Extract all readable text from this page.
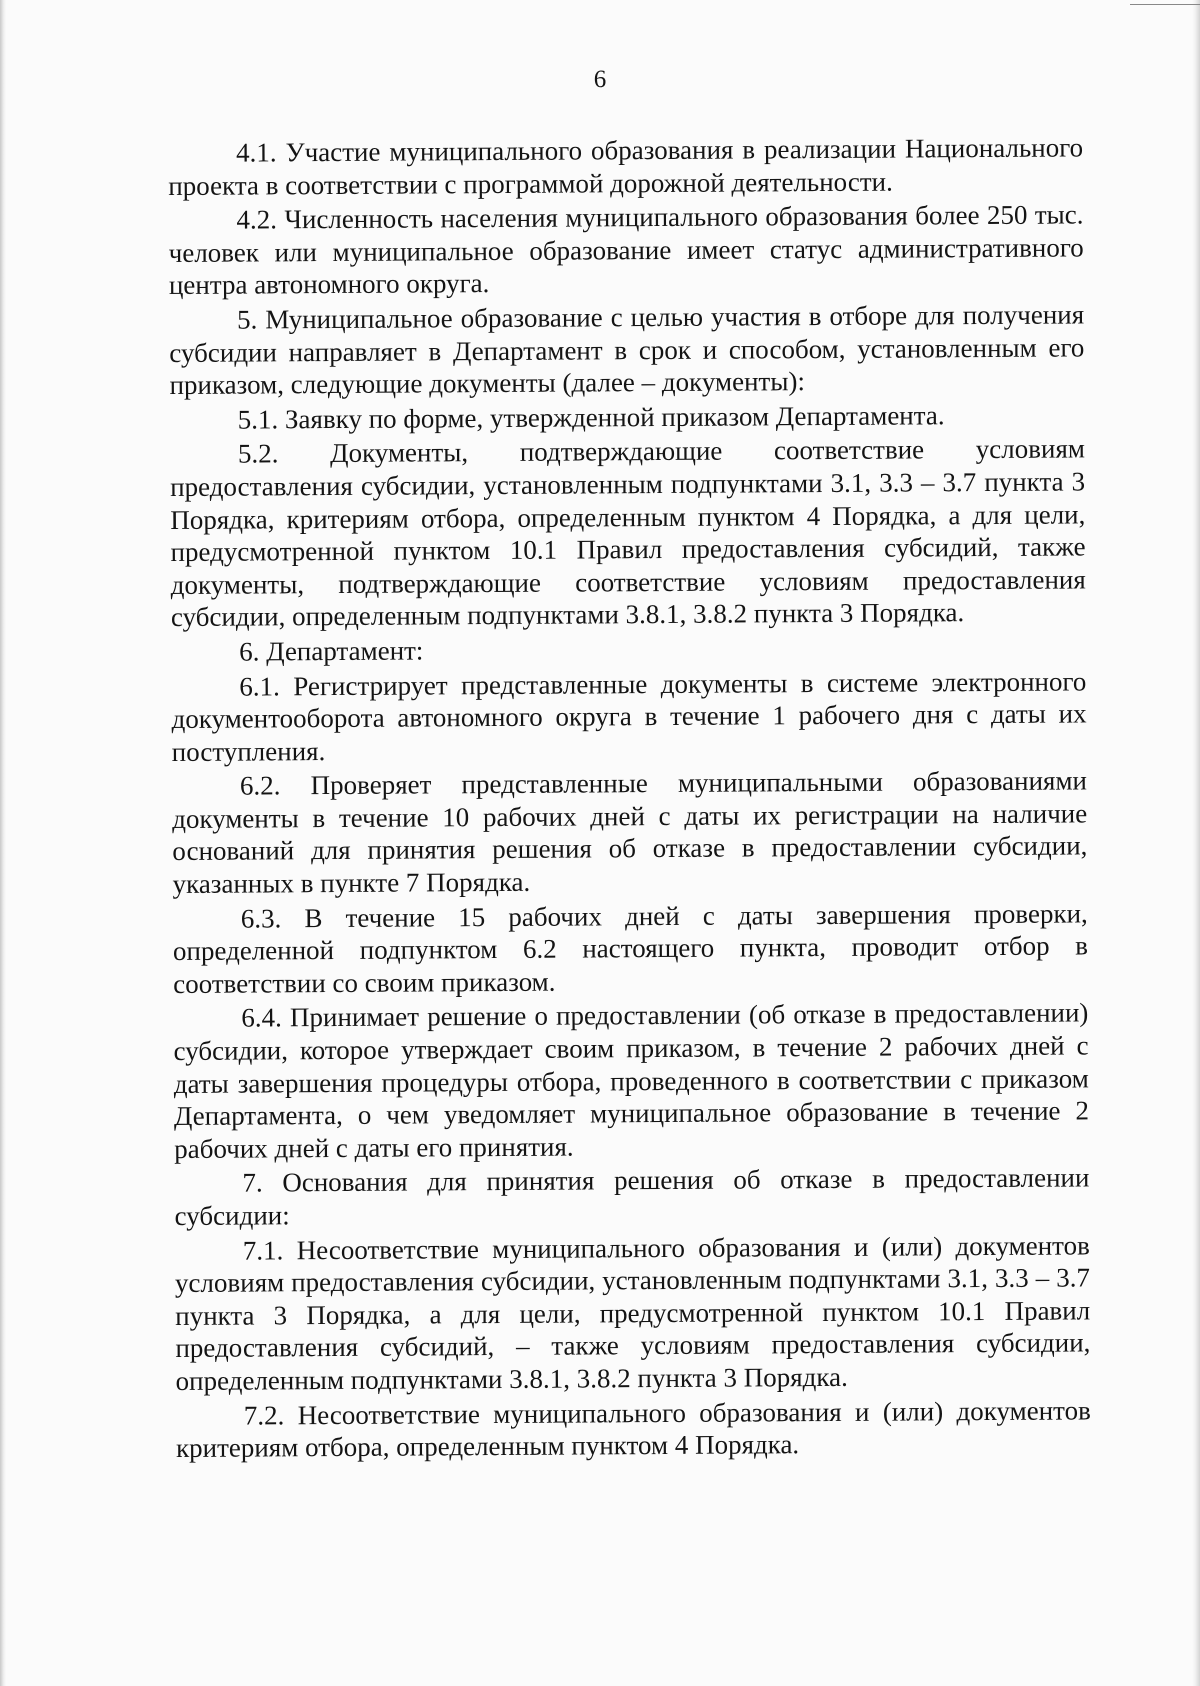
6

4.1. Участие муниципального образования в реализации Национального проекта в соответствии с программой дорожной деятельности.

4.2. Численность населения муниципального образования более 250 тыс. человек или муниципальное образование имеет статус административного центра автономного округа.

5. Муниципальное образование с целью участия в отборе для получения субсидии направляет в Департамент в срок и способом, установленным его приказом, следующие документы (далее – документы):

5.1. Заявку по форме, утвержденной приказом Департамента.

5.2. Документы, подтверждающие соответствие условиям предоставления субсидии, установленным подпунктами 3.1, 3.3 – 3.7 пункта 3 Порядка, критериям отбора, определенным пунктом 4 Порядка, а для цели, предусмотренной пунктом 10.1 Правил предоставления субсидий, также документы, подтверждающие соответствие условиям предоставления субсидии, определенным подпунктами 3.8.1, 3.8.2 пункта 3 Порядка.

6. Департамент:

6.1. Регистрирует представленные документы в системе электронного документооборота автономного округа в течение 1 рабочего дня с даты их поступления.

6.2. Проверяет представленные муниципальными образованиями документы в течение 10 рабочих дней с даты их регистрации на наличие оснований для принятия решения об отказе в предоставлении субсидии, указанных в пункте 7 Порядка.

6.3. В течение 15 рабочих дней с даты завершения проверки, определенной подпунктом 6.2 настоящего пункта, проводит отбор в соответствии со своим приказом.

6.4. Принимает решение о предоставлении (об отказе в предоставлении) субсидии, которое утверждает своим приказом, в течение 2 рабочих дней с даты завершения процедуры отбора, проведенного в соответствии с приказом Департамента, о чем уведомляет муниципальное образование в течение 2 рабочих дней с даты его принятия.

7. Основания для принятия решения об отказе в предоставлении субсидии:

7.1. Несоответствие муниципального образования и (или) документов условиям предоставления субсидии, установленным подпунктами 3.1, 3.3 – 3.7 пункта 3 Порядка, а для цели, предусмотренной пунктом 10.1 Правил предоставления субсидий, – также условиям предоставления субсидии, определенным подпунктами 3.8.1, 3.8.2 пункта 3 Порядка.

7.2. Несоответствие муниципального образования и (или) документов критериям отбора, определенным пунктом 4 Порядка.
